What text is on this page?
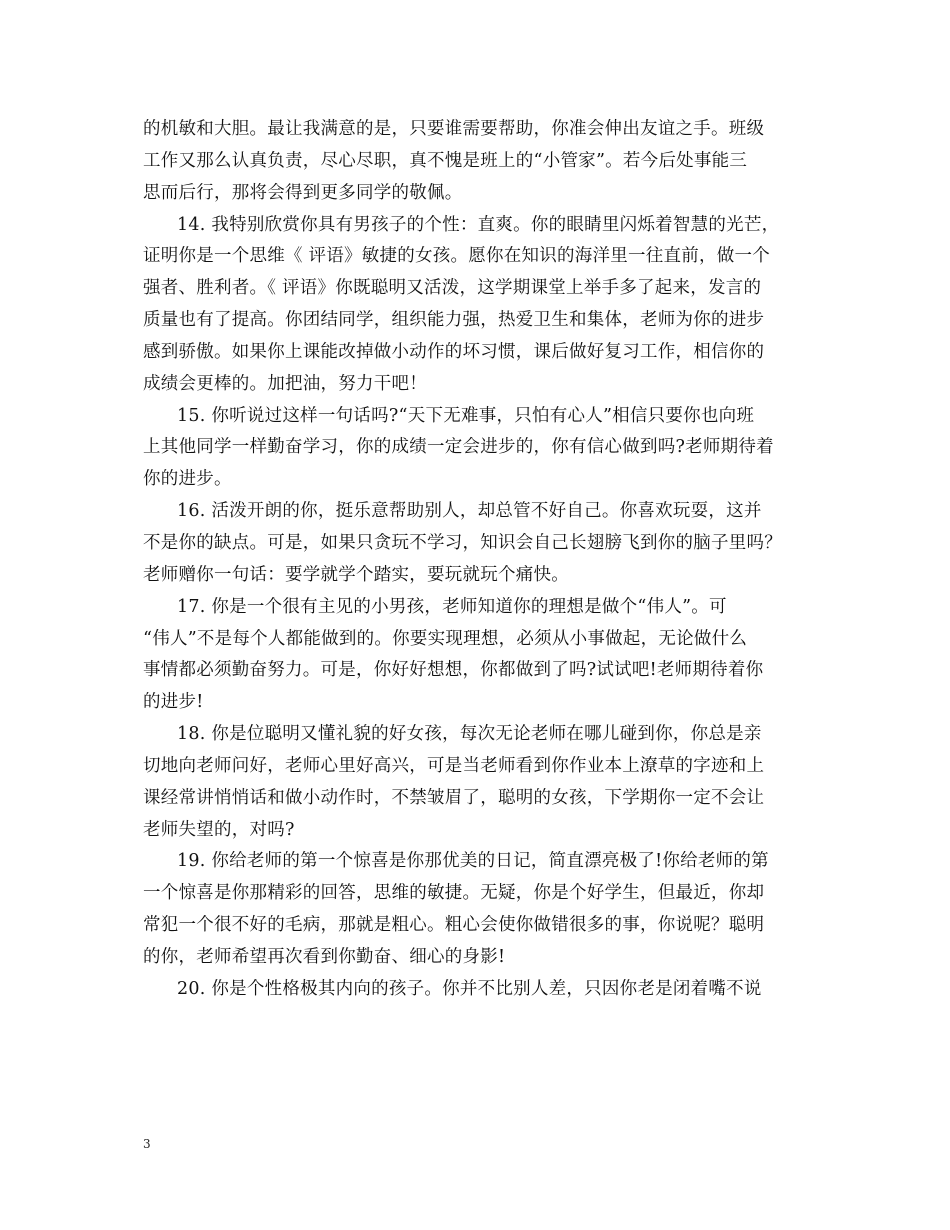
的机敏和大胆。最让我满意的是，只要谁需要帮助，你准会伸出友谊之手。班级
工作又那么认真负责，尽心尽职，真不愧是班上的“小管家”。若今后处事能三
思而后行，那将会得到更多同学的敬佩。
14. 我特别欣赏你具有男孩子的个性：直爽。你的眼睛里闪烁着智慧的光芒，
证明你是一个思维《 评语》敏捷的女孩。愿你在知识的海洋里一往直前，做一个
强者、胜利者。《 评语》你既聪明又活泼，这学期课堂上举手多了起来，发言的
质量也有了提高。你团结同学，组织能力强，热爱卫生和集体，老师为你的进步
感到骄傲。如果你上课能改掉做小动作的坏习惯，课后做好复习工作，相信你的
成绩会更棒的。加把油，努力干吧！
15. 你听说过这样一句话吗?“天下无难事，只怕有心人”相信只要你也向班
上其他同学一样勤奋学习，你的成绩一定会进步的，你有信心做到吗?老师期待着
你的进步。
16. 活泼开朗的你，挺乐意帮助别人，却总管不好自己。你喜欢玩耍，这并
不是你的缺点。可是，如果只贪玩不学习，知识会自己长翅膀飞到你的脑子里吗？
老师赠你一句话：要学就学个踏实，要玩就玩个痛快。
17. 你是一个很有主见的小男孩，老师知道你的理想是做个“伟人”。可
“伟人”不是每个人都能做到的。你要实现理想，必须从小事做起，无论做什么
事情都必须勤奋努力。可是，你好好想想，你都做到了吗?试试吧!老师期待着你
的进步!
18. 你是位聪明又懂礼貌的好女孩，每次无论老师在哪儿碰到你，你总是亲
切地向老师问好，老师心里好高兴，可是当老师看到你作业本上潦草的字迹和上
课经常讲悄悄话和做小动作时，不禁皱眉了，聪明的女孩，下学期你一定不会让
老师失望的，对吗?
19. 你给老师的第一个惊喜是你那优美的日记，简直漂亮极了!你给老师的第
一个惊喜是你那精彩的回答，思维的敏捷。无疑，你是个好学生，但最近，你却
常犯一个很不好的毛病，那就是粗心。粗心会使你做错很多的事，你说呢？聪明
的你，老师希望再次看到你勤奋、细心的身影!
20. 你是个性格极其内向的孩子。你并不比别人差，只因你老是闭着嘴不说
3
